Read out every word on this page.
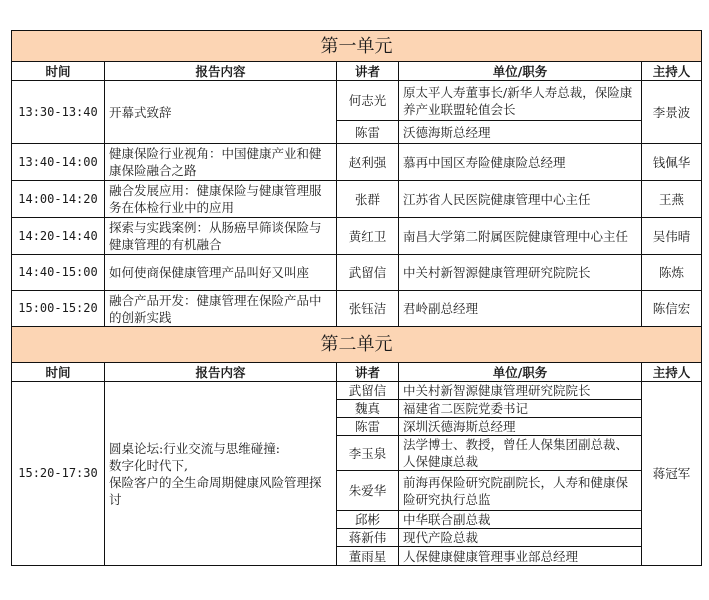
第一单元				
时间	报告内容	讲者	单位/职务	主持人
13:30-13:40	开幕式致辞	何志光	原太平人寿董事长/新华人寿总裁，保险康养产业联盟轮值会长	李景波
		陈雷	沃德海斯总经理	
13:40-14:00	健康保险行业视角：中国健康产业和健康保险融合之路	赵利强	慕再中国区寿险健康险总经理	钱佩华
14:00-14:20	融合发展应用：健康保险与健康管理服务在体检行业中的应用	张群	江苏省人民医院健康管理中心主任	王燕
14:20-14:40	探索与实践案例：从肠癌早筛谈保险与健康管理的有机融合	黄红卫	南昌大学第二附属医院健康管理中心主任	吴伟晴
14:40-15:00	如何使商保健康管理产品叫好又叫座	武留信	中关村新智源健康管理研究院院长	陈炼
15:00-15:20	融合产品开发：健康管理在保险产品中的创新实践	张钰洁	君岭副总经理	陈信宏
第二单元				
时间	报告内容	讲者	单位/职务	主持人
15:20-17:30	圆桌论坛:行业交流与思维碰撞:
数字化时代下,
保险客户的全生命周期健康风险管理探讨	武留信	中关村新智源健康管理研究院院长	蒋冠军
		魏真	福建省二医院党委书记	
		陈雷	深圳沃德海斯总经理	
		李玉泉	法学博士、教授，曾任人保集团副总裁、人保健康总裁	
		朱爱华	前海再保险研究院副院长，人寿和健康保险研究执行总监	
		邱彬	中华联合副总裁	
		蒋新伟	现代产险总裁	
		董雨星	人保健康健康管理事业部总经理	
